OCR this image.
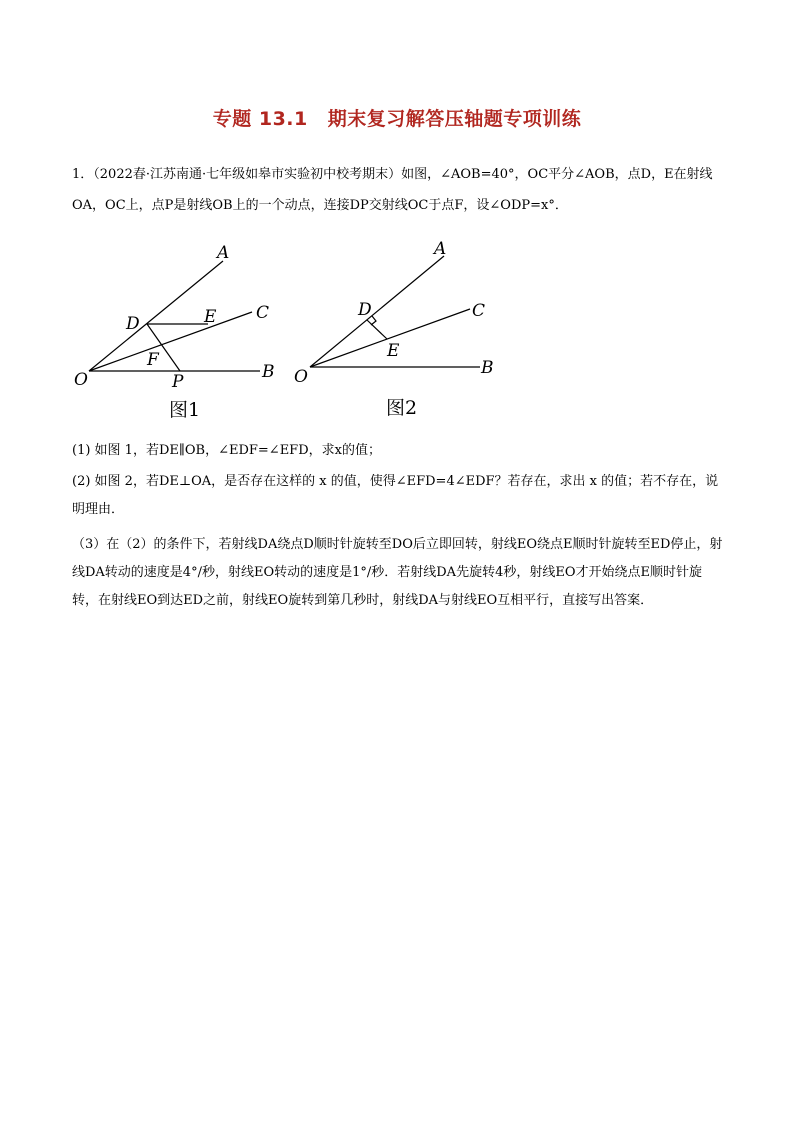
专题 13.1 期末复习解答压轴题专项训练

1．（2022春·江苏南通·七年级如皋市实验初中校考期末）如图，∠AOB=40°，OC平分∠AOB，点D，E在射线OA，OC上，点P是射线OB上的一个动点，连接DP交射线OC于点F，设∠ODP=x°．

A
C
D	E
F
O	P	B
图1
A
C
D
E
O	B
图2

(1) 如图 1，若DE∥OB，∠EDF=∠EFD，求x的值；

(2) 如图 2，若DE⊥OA，是否存在这样的 x 的值，使得∠EFD=4∠EDF？若存在，求出 x 的值；若不存在，说明理由．

（3）在（2）的条件下，若射线DA绕点D顺时针旋转至DO后立即回转，射线EO绕点E顺时针旋转至ED停止，射线DA转动的速度是4°/秒，射线EO转动的速度是1°/秒．若射线DA先旋转4秒，射线EO才开始绕点E顺时针旋转，在射线EO到达ED之前，射线EO旋转到第几秒时，射线DA与射线EO互相平行，直接写出答案．
